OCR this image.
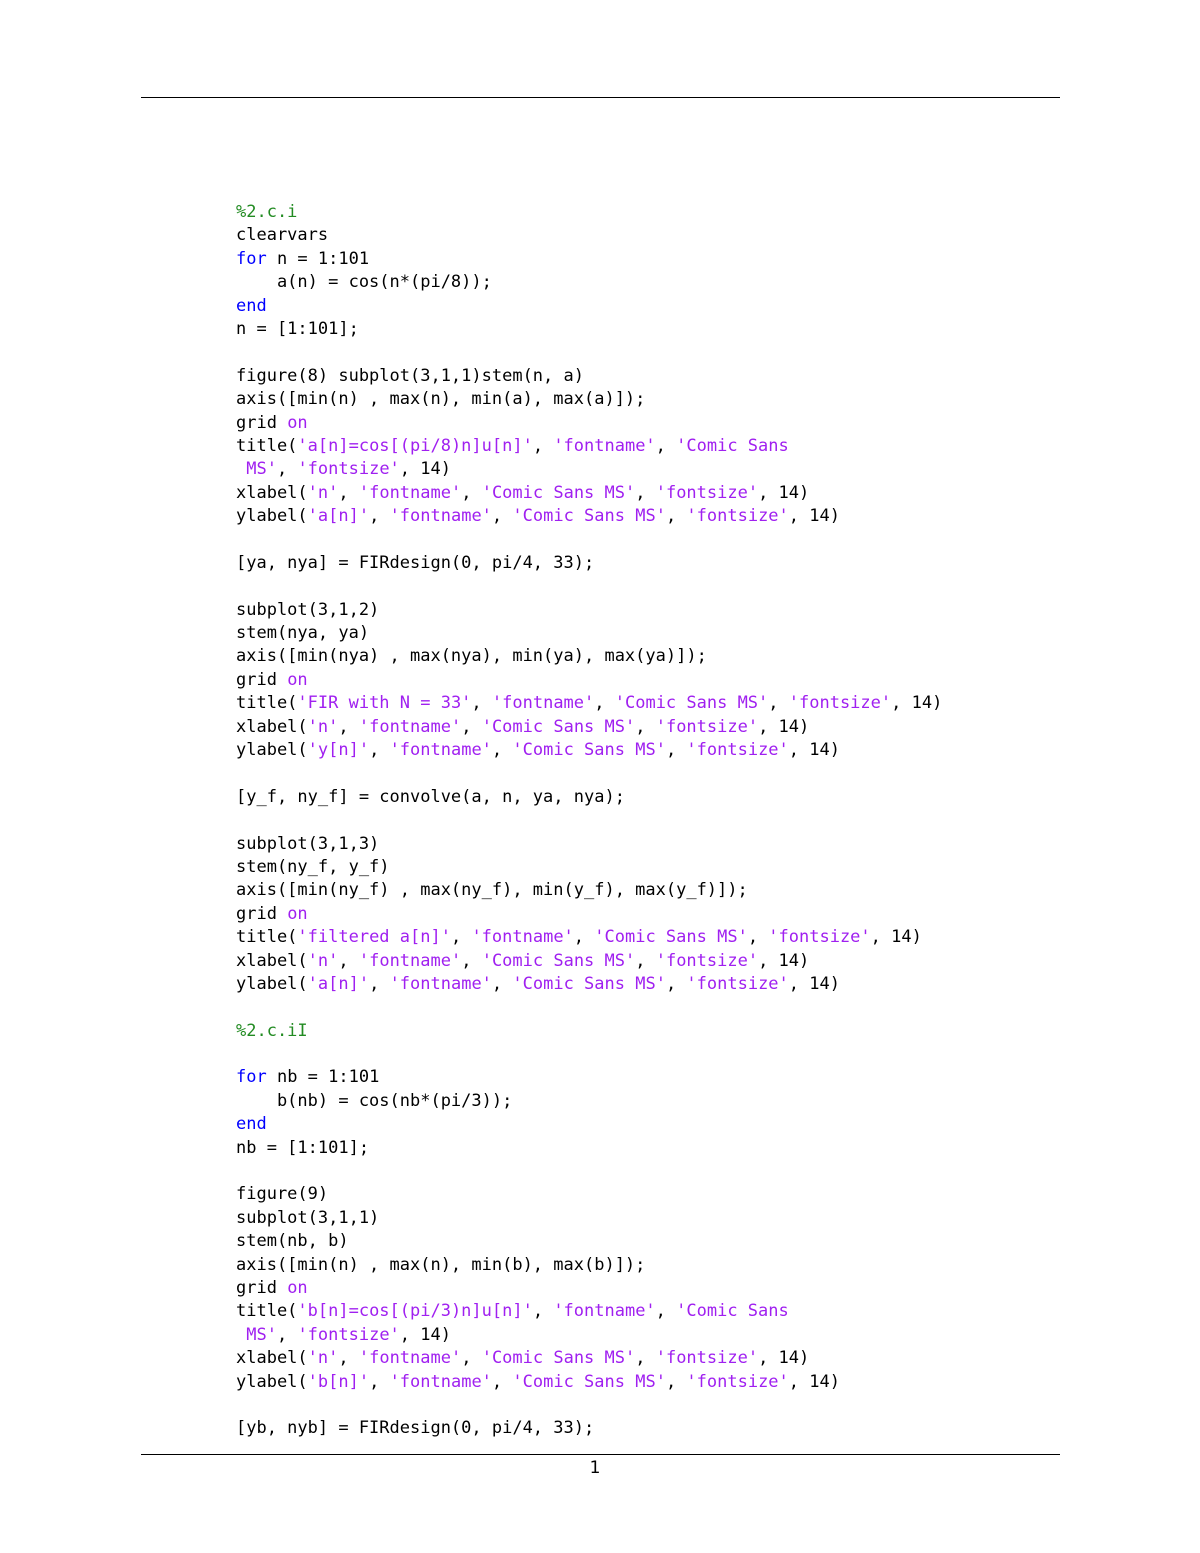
%2.c.i
clearvars
for n = 1:101
a(n) = cos(n*(pi/8));
end
n = [1:101];

figure(8) subplot(3,1,1)stem(n, a)
axis([min(n) , max(n), min(a), max(a)]);
grid on
title('a[n]=cos[(pi/8)n]u[n]', 'fontname', 'Comic Sans
MS', 'fontsize', 14)
xlabel('n', 'fontname', 'Comic Sans MS', 'fontsize', 14)
ylabel('a[n]', 'fontname', 'Comic Sans MS', 'fontsize', 14)

[ya, nya] = FIRdesign(0, pi/4, 33);

subplot(3,1,2)
stem(nya, ya)
axis([min(nya) , max(nya), min(ya), max(ya)]);
grid on
title('FIR with N = 33', 'fontname', 'Comic Sans MS', 'fontsize', 14)
xlabel('n', 'fontname', 'Comic Sans MS', 'fontsize', 14)
ylabel('y[n]', 'fontname', 'Comic Sans MS', 'fontsize', 14)

[y_f, ny_f] = convolve(a, n, ya, nya);

subplot(3,1,3)
stem(ny_f, y_f)
axis([min(ny_f) , max(ny_f), min(y_f), max(y_f)]);
grid on
title('filtered a[n]', 'fontname', 'Comic Sans MS', 'fontsize', 14)
xlabel('n', 'fontname', 'Comic Sans MS', 'fontsize', 14)
ylabel('a[n]', 'fontname', 'Comic Sans MS', 'fontsize', 14)

%2.c.iI

for nb = 1:101
b(nb) = cos(nb*(pi/3));
end
nb = [1:101];

figure(9)
subplot(3,1,1)
stem(nb, b)
axis([min(n) , max(n), min(b), max(b)]);
grid on
title('b[n]=cos[(pi/3)n]u[n]', 'fontname', 'Comic Sans
MS', 'fontsize', 14)
xlabel('n', 'fontname', 'Comic Sans MS', 'fontsize', 14)
ylabel('b[n]', 'fontname', 'Comic Sans MS', 'fontsize', 14)

[yb, nyb] = FIRdesign(0, pi/4, 33);
1
